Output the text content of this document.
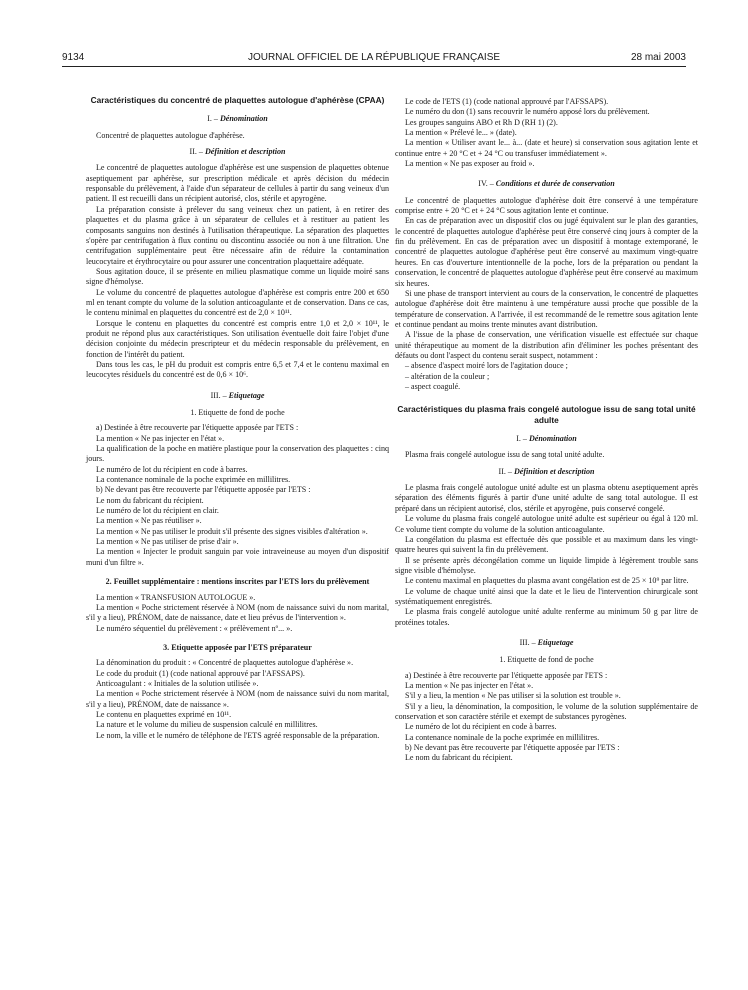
9134	JOURNAL OFFICIEL DE LA RÉPUBLIQUE FRANÇAISE	28 mai 2003
Caractéristiques du concentré de plaquettes autologue d'aphérèse (CPAA)
I. – Dénomination

Concentré de plaquettes autologue d'aphérèse.

II. – Définition et description

Le concentré de plaquettes autologue d'aphérèse est une suspension de plaquettes obtenue aseptiquement par aphérèse, sur prescription médicale et après décision du médecin responsable du prélèvement, à l'aide d'un séparateur de cellules à partir du sang veineux d'un patient. Il est recueilli dans un récipient autorisé, clos, stérile et apyrogène.

La préparation consiste à prélever du sang veineux chez un patient, à en retirer des plaquettes et du plasma grâce à un séparateur de cellules et à restituer au patient les composants sanguins non destinés à l'utilisation thérapeutique. La séparation des plaquettes s'opère par centrifugation à flux continu ou discontinu associée ou non à une filtration. Une centrifugation supplémentaire peut être nécessaire afin de réduire la contamination leucocytaire et érythrocytaire ou pour assurer une concentration plaquettaire adéquate.

Sous agitation douce, il se présente en milieu plasmatique comme un liquide moiré sans signe d'hémolyse.

Le volume du concentré de plaquettes autologue d'aphérèse est compris entre 200 et 650 ml en tenant compte du volume de la solution anticoagulante et de conservation. Dans ce cas, le contenu minimal en plaquettes du concentré est de 2,0 × 10¹¹.

Lorsque le contenu en plaquettes du concentré est compris entre 1,0 et 2,0 × 10¹¹, le produit ne répond plus aux caractéristiques. Son utilisation éventuelle doit faire l'objet d'une décision conjointe du médecin prescripteur et du médecin responsable du prélèvement, en fonction de l'intérêt du patient.

Dans tous les cas, le pH du produit est compris entre 6,5 et 7,4 et le contenu maximal en leucocytes résiduels du concentré est de 0,6 × 10⁶.

III. – Etiquetage
1. Etiquette de fond de poche

a) Destinée à être recouverte par l'étiquette apposée par l'ETS :

La mention « Ne pas injecter en l'état ».

La qualification de la poche en matière plastique pour la conservation des plaquettes : cinq jours.

Le numéro de lot du récipient en code à barres.

La contenance nominale de la poche exprimée en millilitres.

b) Ne devant pas être recouverte par l'étiquette apposée par l'ETS :

Le nom du fabricant du récipient.

Le numéro de lot du récipient en clair.

La mention « Ne pas réutiliser ».

La mention « Ne pas utiliser le produit s'il présente des signes visibles d'altération ».

La mention « Ne pas utiliser de prise d'air ».

La mention « Injecter le produit sanguin par voie intraveineuse au moyen d'un dispositif muni d'un filtre ».

2. Feuillet supplémentaire : mentions inscrites par l'ETS lors du prélèvement

La mention « TRANSFUSION AUTOLOGUE ».

La mention « Poche strictement réservée à NOM (nom de naissance suivi du nom marital, s'il y a lieu), PRÉNOM, date de naissance, date et lieu prévus de l'intervention ».

Le numéro séquentiel du prélèvement : « prélèvement nº... ».

3. Etiquette apposée par l'ETS préparateur

La dénomination du produit : « Concentré de plaquettes autologue d'aphérèse ».

Le code du produit (1) (code national approuvé par l'AFSSAPS).

Anticoagulant : « Initiales de la solution utilisée ».

La mention « Poche strictement réservée à NOM (nom de naissance suivi du nom marital, s'il y a lieu), PRÉNOM, date de naissance ».

Le contenu en plaquettes exprimé en 10¹¹.

La nature et le volume du milieu de suspension calculé en millilitres.

Le nom, la ville et le numéro de téléphone de l'ETS agréé responsable de la préparation.

Le code de l'ETS (1) (code national approuvé par l'AFSSAPS).

Le numéro du don (1) sans recouvrir le numéro apposé lors du prélèvement.

Les groupes sanguins ABO et Rh D (RH 1) (2).

La mention « Prélevé le... » (date).

La mention « Utiliser avant le... à... (date et heure) si conservation sous agitation lente et continue entre + 20 °C et + 24 °C ou transfuser immédiatement ».

La mention « Ne pas exposer au froid ».

IV. – Conditions et durée de conservation

Le concentré de plaquettes autologue d'aphérèse doit être conservé à une température comprise entre + 20 °C et + 24 °C sous agitation lente et continue.

En cas de préparation avec un dispositif clos ou jugé équivalent sur le plan des garanties, le concentré de plaquettes autologue d'aphérèse peut être conservé cinq jours à compter de la fin du prélèvement. En cas de préparation avec un dispositif à montage extemporané, le concentré de plaquettes autologue d'aphérèse peut être conservé au maximum vingt-quatre heures. En cas d'ouverture intentionnelle de la poche, lors de la préparation ou pendant la conservation, le concentré de plaquettes autologue d'aphérèse peut être conservé au maximum six heures.

Si une phase de transport intervient au cours de la conservation, le concentré de plaquettes autologue d'aphérèse doit être maintenu à une température aussi proche que possible de la température de conservation. A l'arrivée, il est recommandé de le remettre sous agitation lente et continue pendant au moins trente minutes avant distribution.

A l'issue de la phase de conservation, une vérification visuelle est effectuée sur chaque unité thérapeutique au moment de la distribution afin d'éliminer les poches présentant des défauts ou dont l'aspect du contenu serait suspect, notamment :

– absence d'aspect moiré lors de l'agitation douce ;

– altération de la couleur ;

– aspect coagulé.

Caractéristiques du plasma frais congelé autologue issu de sang total unité adulte
I. – Dénomination

Plasma frais congelé autologue issu de sang total unité adulte.

II. – Définition et description

Le plasma frais congelé autologue unité adulte est un plasma obtenu aseptiquement après séparation des éléments figurés à partir d'une unité adulte de sang total autologue. Il est préparé dans un récipient autorisé, clos, stérile et apyrogène, puis conservé congelé.

Le volume du plasma frais congelé autologue unité adulte est supérieur ou égal à 120 ml. Ce volume tient compte du volume de la solution anticoagulante.

La congélation du plasma est effectuée dès que possible et au maximum dans les vingt-quatre heures qui suivent la fin du prélèvement.

Il se présente après décongélation comme un liquide limpide à légèrement trouble sans signe visible d'hémolyse.

Le contenu maximal en plaquettes du plasma avant congélation est de 25 × 10⁹ par litre.

Le volume de chaque unité ainsi que la date et le lieu de l'intervention chirurgicale sont systématiquement enregistrés.

Le plasma frais congelé autologue unité adulte renferme au minimum 50 g par litre de protéines totales.

III. – Etiquetage
1. Etiquette de fond de poche

a) Destinée à être recouverte par l'étiquette apposée par l'ETS :

La mention « Ne pas injecter en l'état ».

S'il y a lieu, la mention « Ne pas utiliser si la solution est trouble ».

S'il y a lieu, la dénomination, la composition, le volume de la solution supplémentaire de conservation et son caractère stérile et exempt de substances pyrogènes.

Le numéro de lot du récipient en code à barres.

La contenance nominale de la poche exprimée en millilitres.

b) Ne devant pas être recouverte par l'étiquette apposée par l'ETS :

Le nom du fabricant du récipient.
